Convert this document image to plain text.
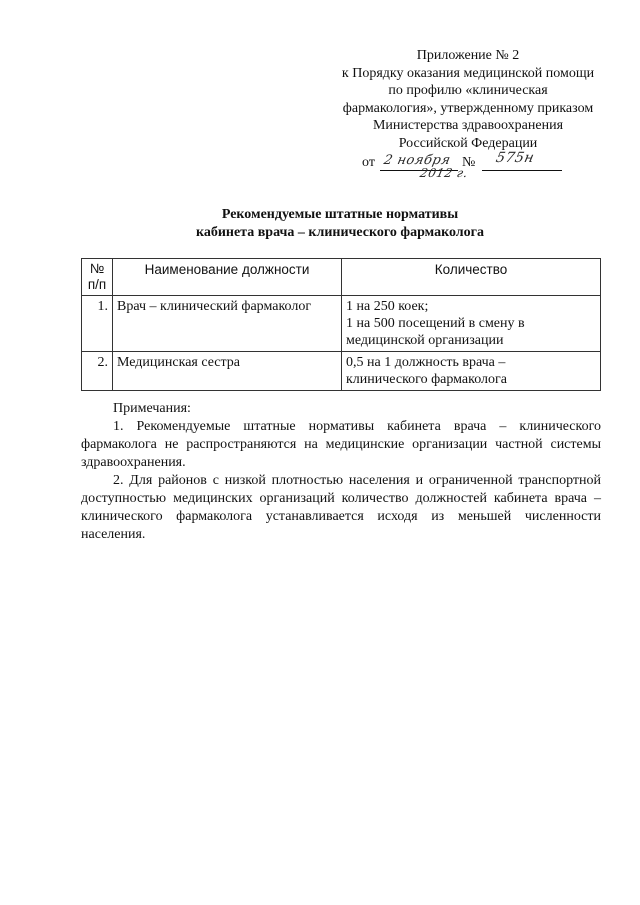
Приложение № 2
к Порядку оказания медицинской помощи
по профилю «клиническая
фармакология», утвержденному приказом
Министерства здравоохранения
Российской Федерации
от 2 ноября № 575н
2012 г.
Рекомендуемые штатные нормативы
кабинета врача – клинического фармаколога
№
п/п	Наименование должности	Количество
1.	Врач – клинический фармаколог	1 на 250 коек;
1 на 500 посещений в смену в
медицинской организации

2.	Медицинская сестра	0,5 на 1 должность врача –
клинического фармаколога
Примечания:

1. Рекомендуемые штатные нормативы кабинета врача – клинического фармаколога не распространяются на медицинские организации частной системы здравоохранения.

2. Для районов с низкой плотностью населения и ограниченной транспортной доступностью медицинских организаций количество должностей кабинета врача – клинического фармаколога устанавливается исходя из меньшей численности населения.
